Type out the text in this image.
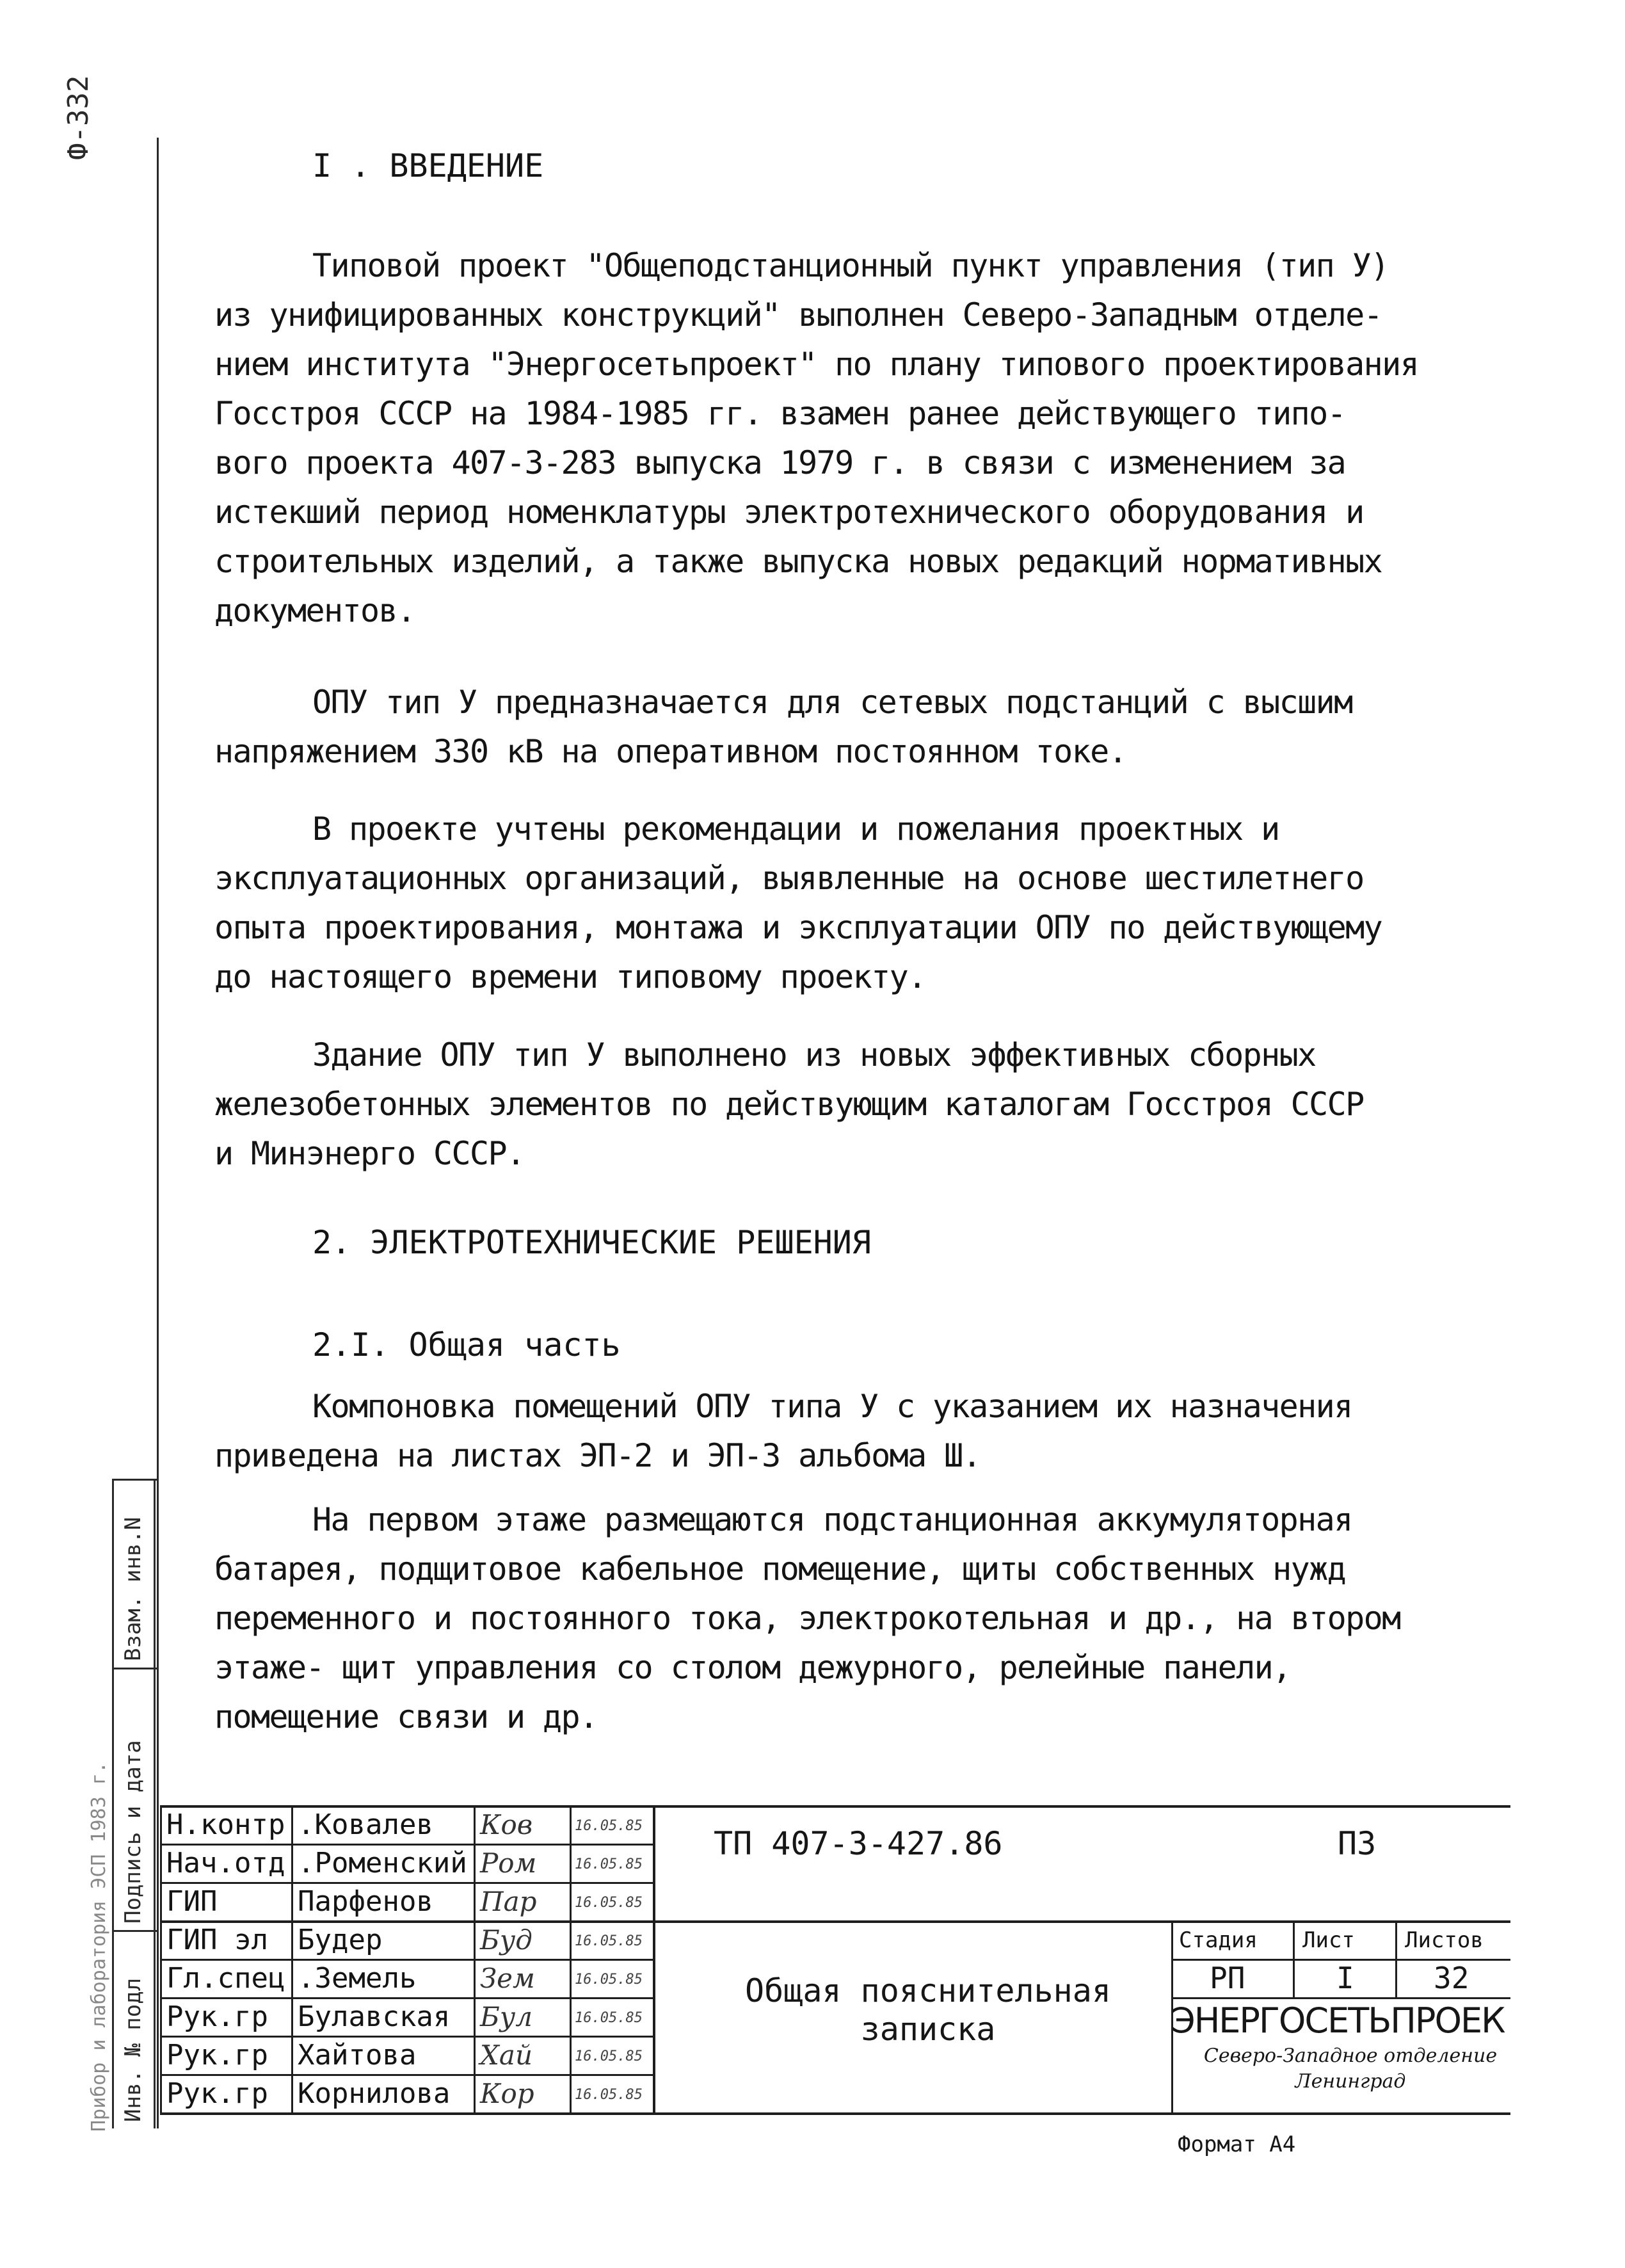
Ф-332
Инв. № подл
Подпись и дата
Взам. инв.N
Прибор и лаборатория ЭСП 1983 г.
I . ВВЕДЕНИЕ
Типовой проект "Общеподстанционный пункт управления (тип У)
из унифицированных конструкций" выполнен Северо-Западным отделе-
нием института "Энергосетьпроект" по плану типового проектирования
Госстроя СССР на 1984-1985 гг. взамен ранее действующего типо-
вого проекта 407-3-283 выпуска 1979 г. в связи с изменением за
истекший период номенклатуры электротехнического оборудования и
строительных изделий, а также выпуска новых редакций нормативных
документов.
ОПУ тип У предназначается для сетевых подстанций с высшим
напряжением 330 кВ на оперативном постоянном токе.
В проекте учтены рекомендации и пожелания проектных и
эксплуатационных организаций, выявленные на основе шестилетнего
опыта проектирования, монтажа и эксплуатации ОПУ по действующему
до настоящего времени типовому проекту.
Здание ОПУ тип У выполнено из новых эффективных сборных
железобетонных элементов по действующим каталогам Госстроя СССР
и Минэнерго СССР.
2. ЭЛЕКТРОТЕХНИЧЕСКИЕ РЕШЕНИЯ
2.I. Общая часть
Компоновка помещений ОПУ типа У с указанием их назначения
приведена на листах ЭП-2 и ЭП-3 альбома Ш.
На первом этаже размещаются подстанционная аккумуляторная
батарея, подщитовое кабельное помещение, щиты собственных нужд
переменного и постоянного тока, электрокотельная и др., на втором
этаже- щит управления со столом дежурного, релейные панели,
помещение связи и др.
Н.контр .Ковалев Ков	16.05.85
Нач.отд .Роменский Ром	16.05.85
ГИП	Парфенов Пар	16.05.85
ГИП эл Будер	Буд	16.05.85
Гл.спец .Земель Зем	16.05.85
Рук.гр Булавская Бул	16.05.85
Рук.гр Хайтова Хай	16.05.85
Рук.гр Корнилова Кор	16.05.85
ТП 407-3-427.86	ПЗ
Общая пояснительная записка
Стадия Лист Листов
РП	I	32
ЭНЕРГОСЕТЬПРОЕК
Северо-Западное отделение
Ленинград
Формат А4
